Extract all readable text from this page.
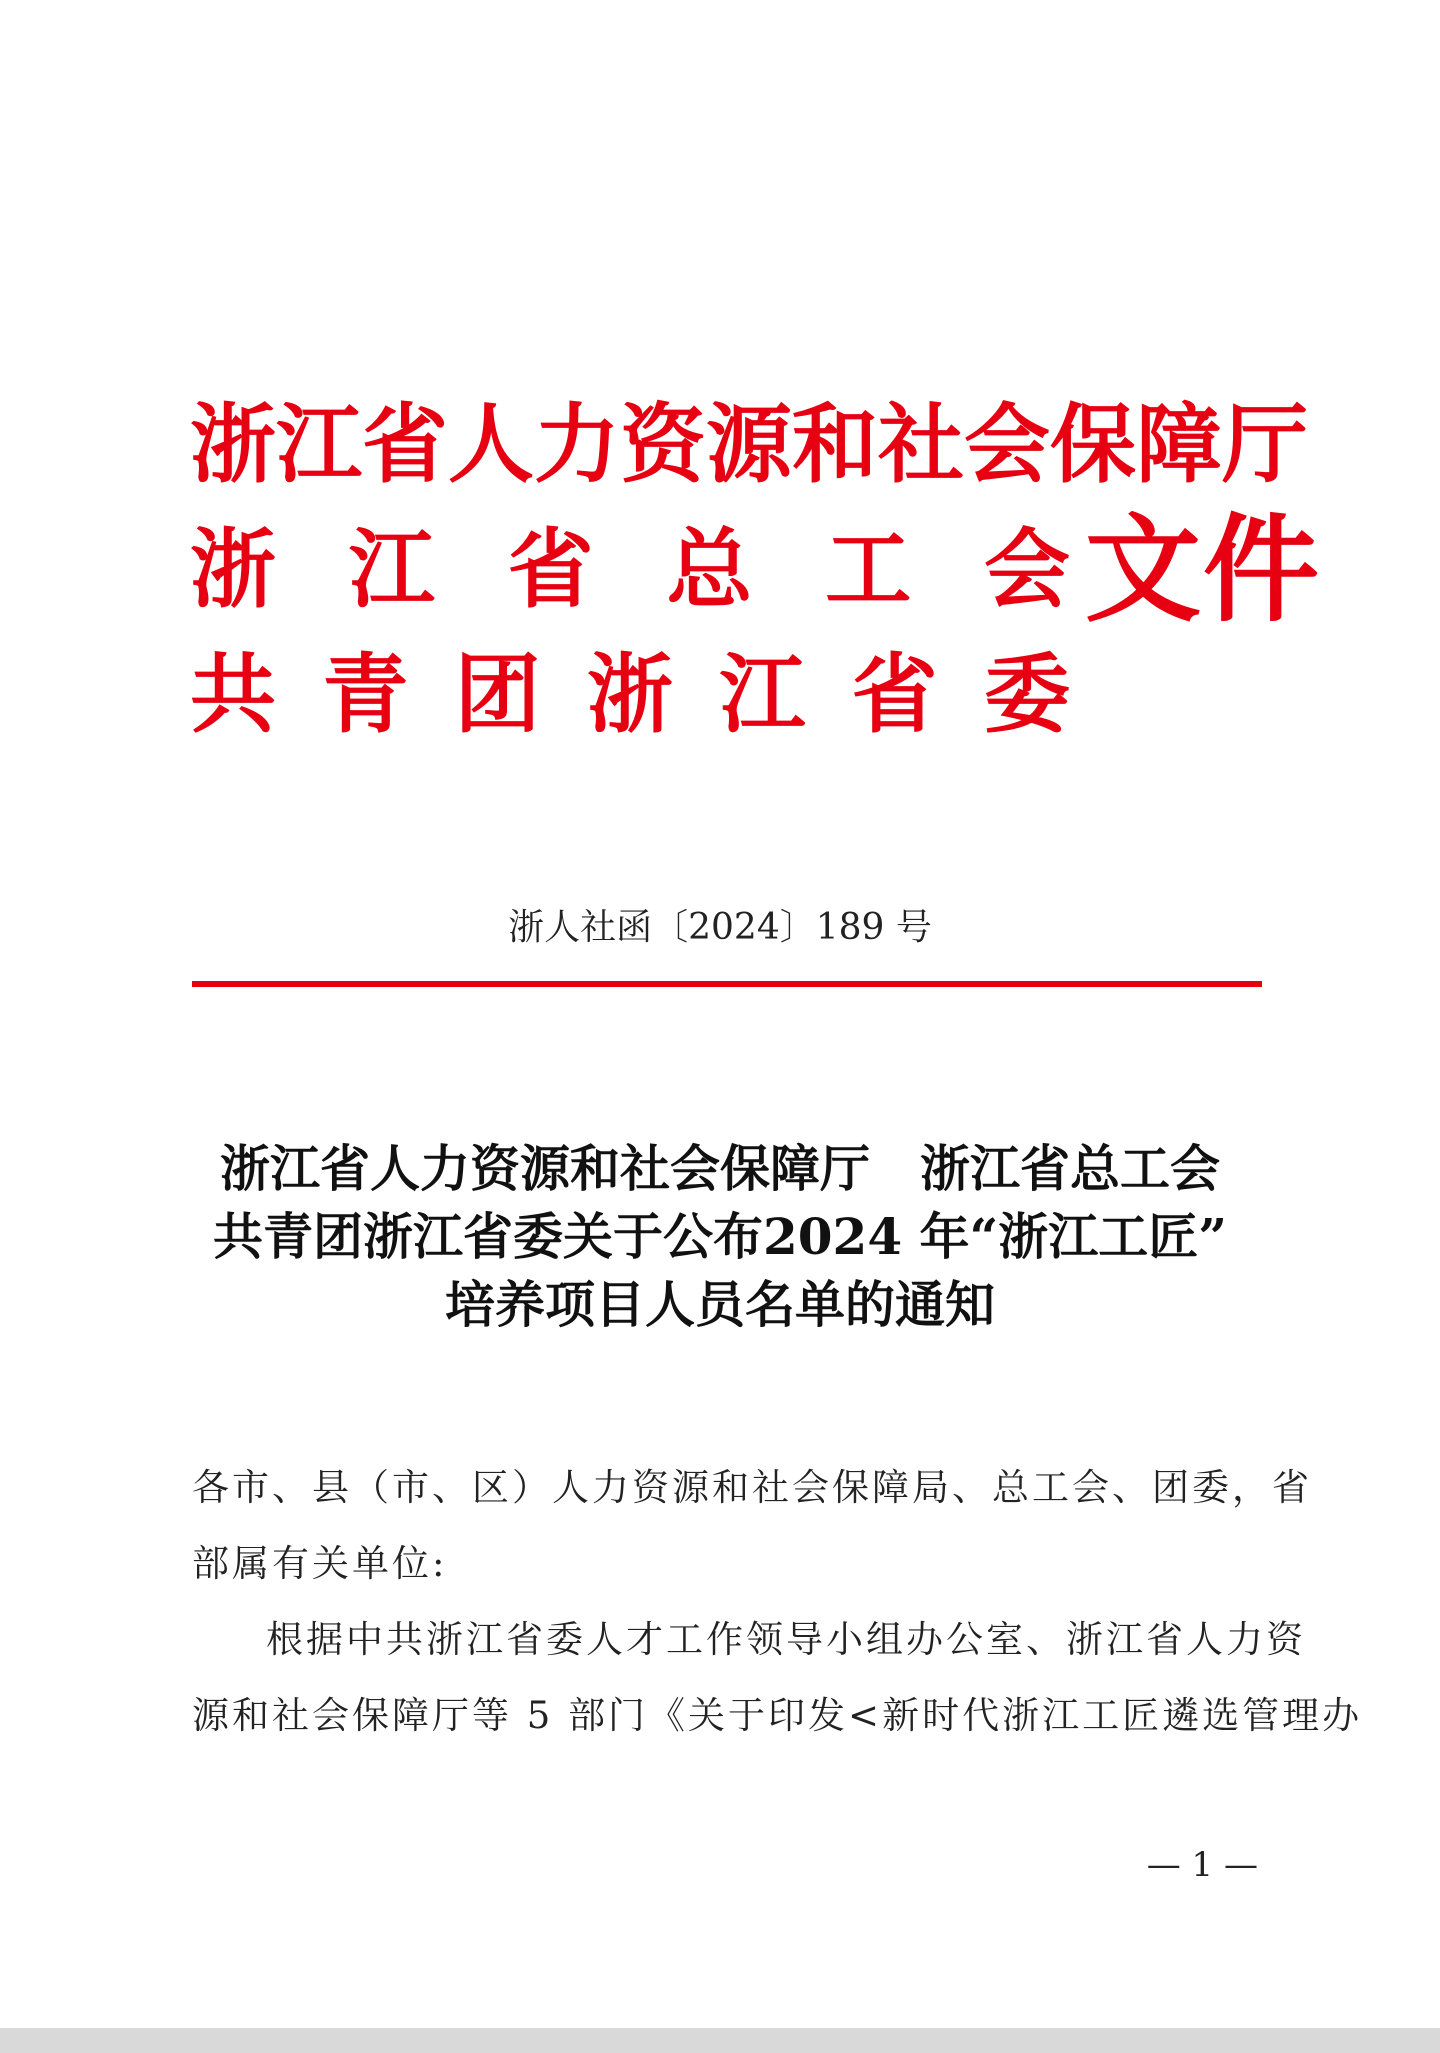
浙 江 省 人 力 资 源 和 社 会 保 障 厅
浙 江 省 总 工 会
共 青 团 浙 江 省 委
文件
浙人社函〔2024〕189 号
浙江省人力资源和社会保障厅　浙江省总工会
共青团浙江省委关于公布2024 年“浙江工匠”
培养项目人员名单的通知

各市、县（市、区）人力资源和社会保障局、总工会、团委，省

部属有关单位:

根据中共浙江省委人才工作领导小组办公室、浙江省人力资

源和社会保障厅等 5 部门《关于印发<新时代浙江工匠遴选管理办

— 1 —
